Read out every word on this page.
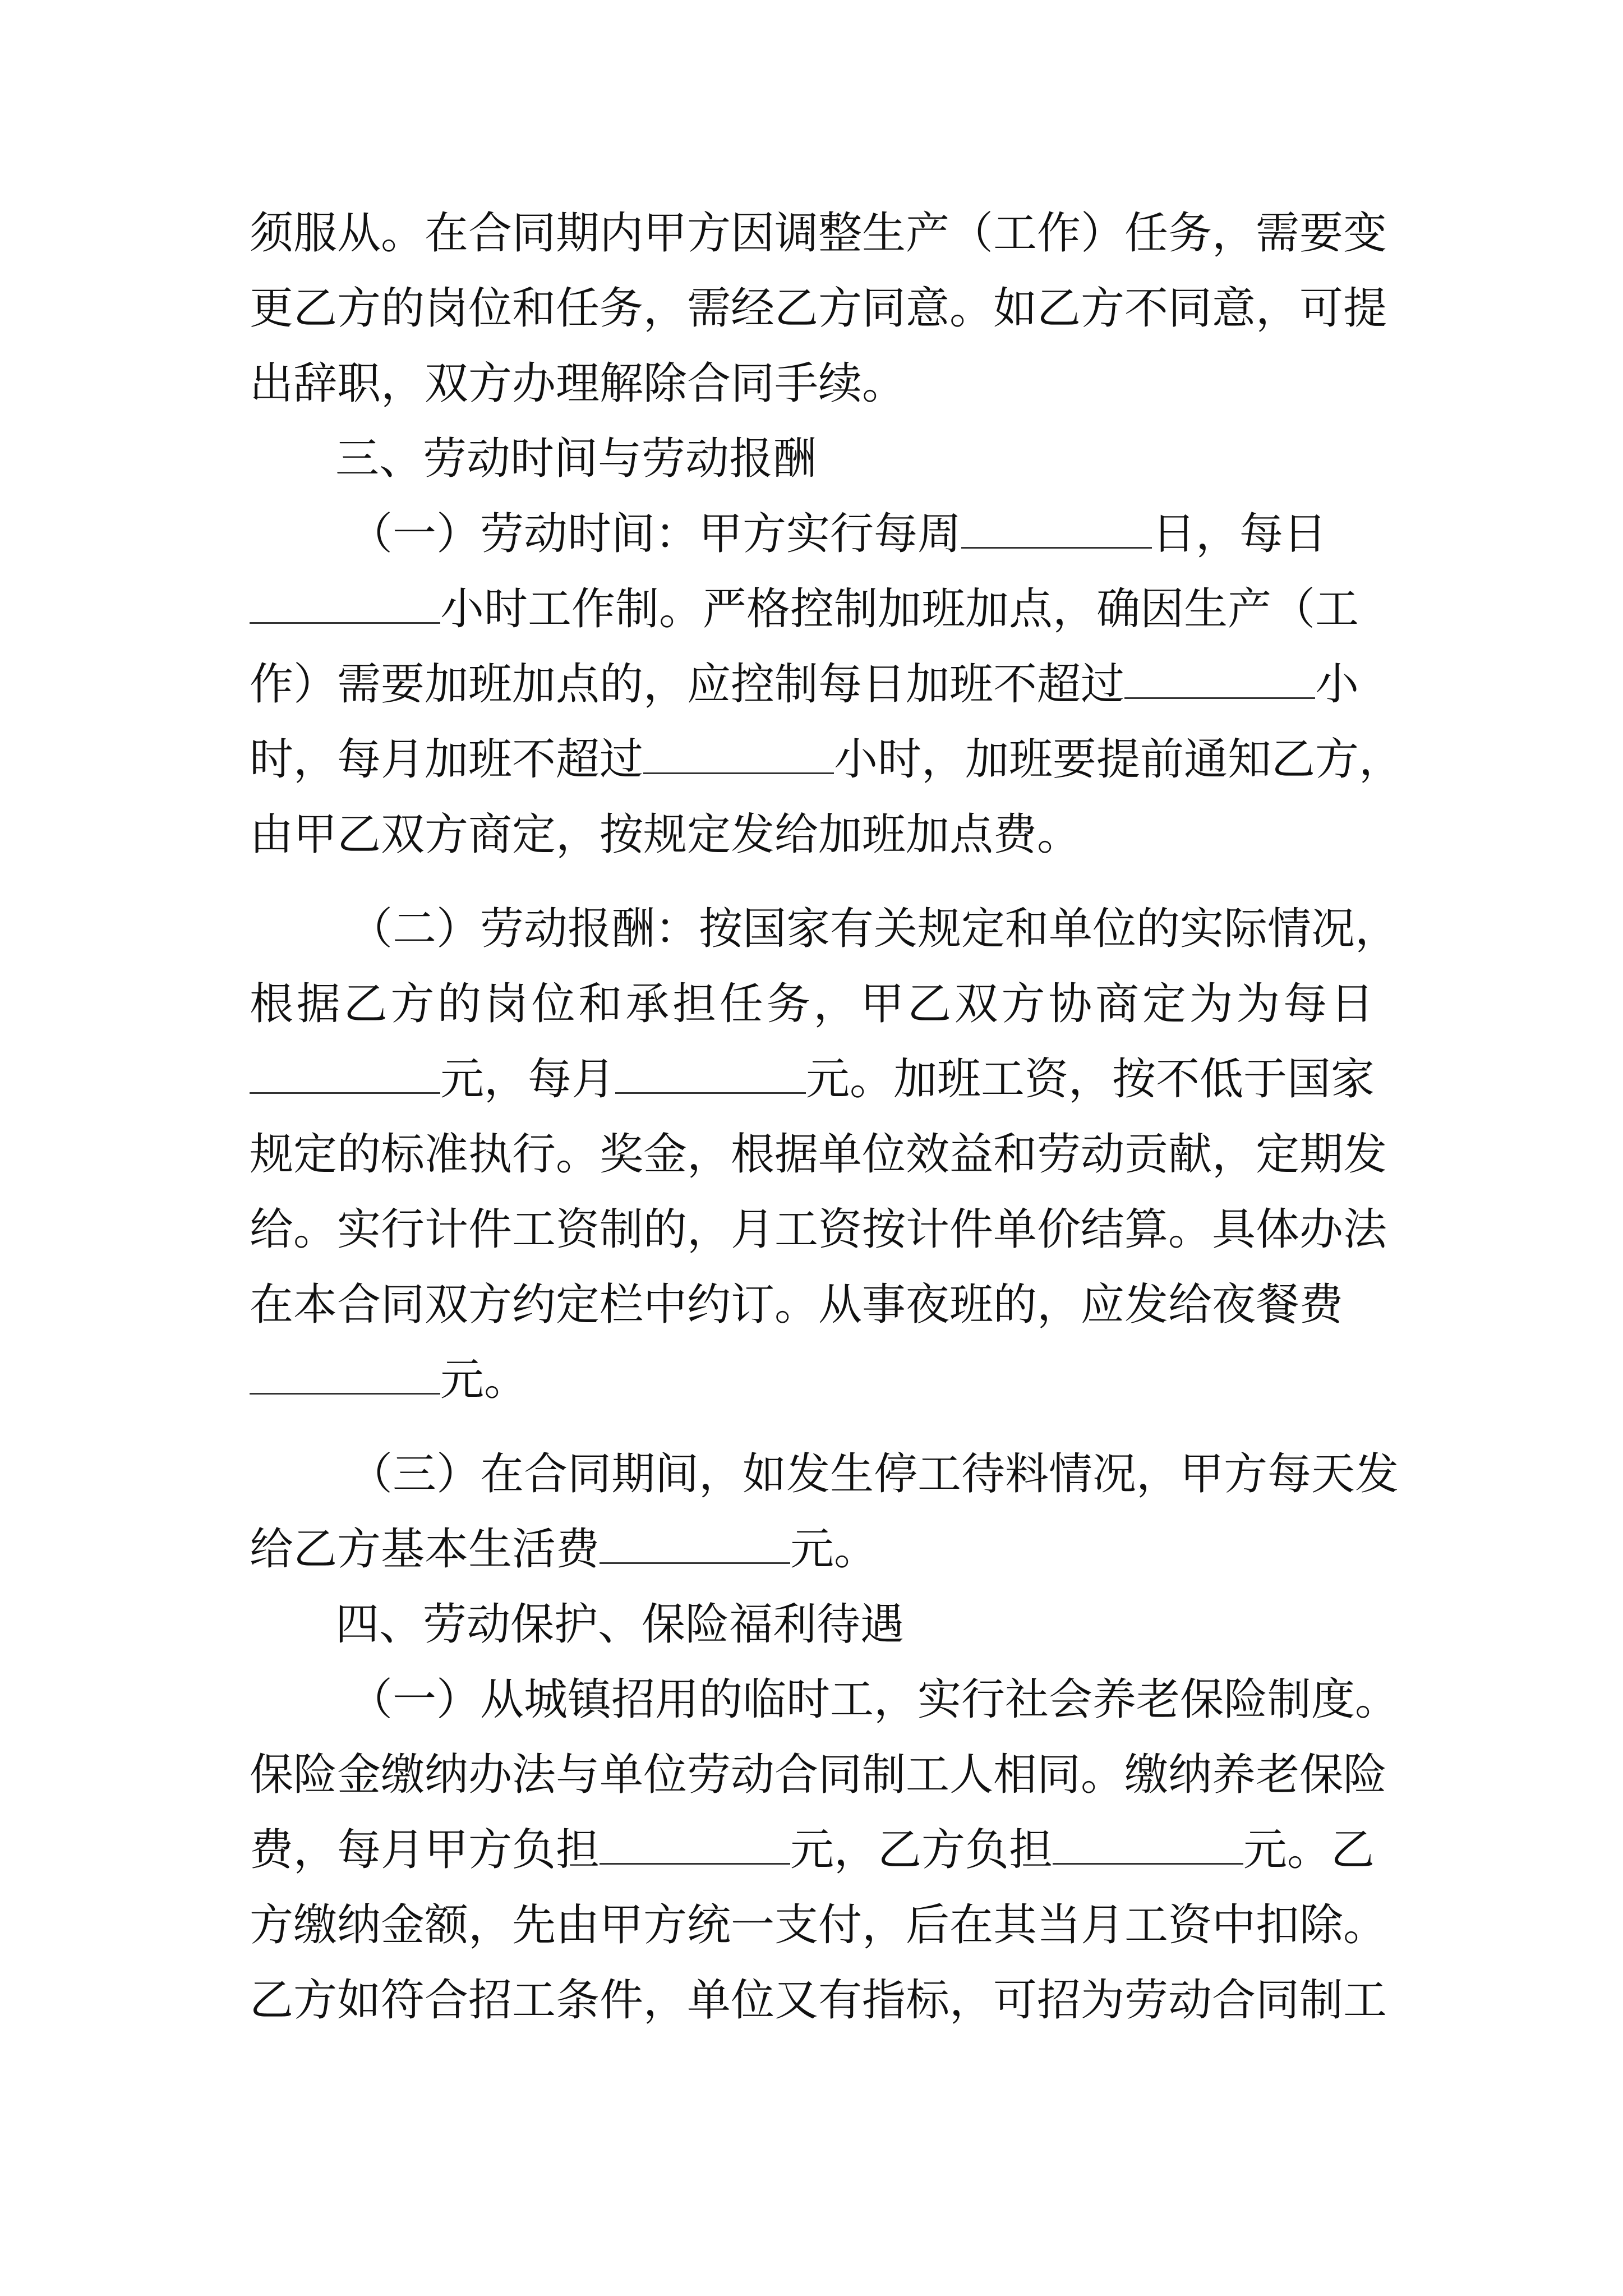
须服从。在合同期内甲方因调整生产（工作）任务，需要变
更乙方的岗位和任务，需经乙方同意。如乙方不同意，可提
出辞职，双方办理解除合同手续。
三、劳动时间与劳动报酬
（一）劳动时间：甲方实行每周	日，每日
小时工作制。严格控制加班加点，确因生产（工
作）需要加班加点的，应控制每日加班不超过	小
时，每月加班不超过	小时，加班要提前通知乙方，
由甲乙双方商定，按规定发给加班加点费。
（二）劳动报酬：按国家有关规定和单位的实际情况，
根据乙方的岗位和承担任务，甲乙双方协商定为为每日
元，每月	元。加班工资，按不低于国家
规定的标准执行。奖金，根据单位效益和劳动贡献，定期发
给。实行计件工资制的，月工资按计件单价结算。具体办法
在本合同双方约定栏中约订。从事夜班的，应发给夜餐费
元。
（三）在合同期间，如发生停工待料情况，甲方每天发
给乙方基本生活费	元。
四、劳动保护、保险福利待遇
（一）从城镇招用的临时工，实行社会养老保险制度。
保险金缴纳办法与单位劳动合同制工人相同。缴纳养老保险
费，每月甲方负担	元，乙方负担	元。乙
方缴纳金额，先由甲方统一支付，后在其当月工资中扣除。
乙方如符合招工条件，单位又有指标，可招为劳动合同制工
